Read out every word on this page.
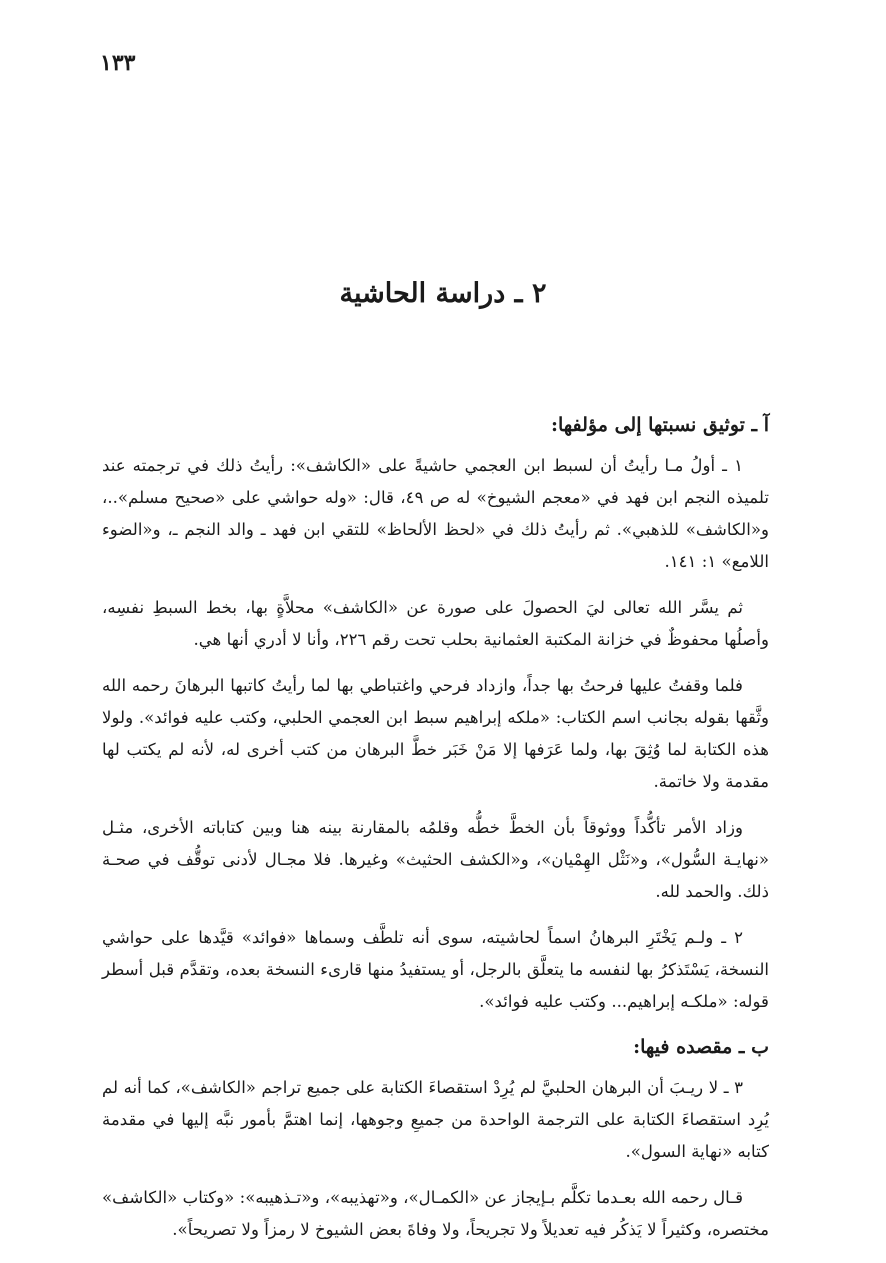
١٣٣
٢ ـ دراسة الحاشية
آ ـ توثيق نسبتها إلى مؤلفها:

١ ـ أولُ مـا رأيتُ أن لسبط ابن العجمي حاشيةً على «الكاشف»: رأيتُ ذلك في ترجمته عند تلميذه النجم ابن فهد في «معجم الشيوخ» له ص ٤٩، قال: «وله حواشي على «صحيح مسلم»..، و«الكاشف» للذهبي». ثم رأيتُ ذلك في «لحظ الألحاظ» للتقي ابن فهد ـ والد النجم ـ، و«الضوء اللامع» ١: ١٤١.

ثم يسَّر الله تعالى ليَ الحصولَ على صورة عن «الكاشف» محلاَّةٍ بها، بخط السبطِ نفسِه، وأصلُها محفوظٌ في خزانة المكتبة العثمانية بحلب تحت رقم ٢٢٦، وأنا لا أدري أنها هي.

فلما وقفتُ عليها فرحتُ بها جداً، وازداد فرحي واغتباطي بها لما رأيتُ كاتبها البرهانَ رحمه الله وثَّقها بقوله بجانب اسم الكتاب: «ملكه إبراهيم سبط ابن العجمي الحلبي، وكتب عليه فوائد». ولولا هذه الكتابة لما وُثِقَ بها، ولما عَرَفها إلا مَنْ خَبَر خطَّ البرهان من كتب أخرى له، لأنه لم يكتب لها مقدمة ولا خاتمة.

وزاد الأمر تأكُّداً ووثوقاً بأن الخطَّ خطُّه وقلمُه بالمقارنة بينه هنا وبين كتاباته الأخرى، مثـل «نهايـة السُّول»، و«نَثْل الهِمْيان»، و«الكشف الحثيث» وغيرها. فلا مجـال لأدنى توقُّف في صحـة ذلك. والحمد لله.

٢ ـ ولـم يَخْتَرِ البرهانُ اسماً لحاشيته، سوى أنه تلطَّف وسماها «فوائد» قيَّدها على حواشي النسخة، يَسْتَذكرُ بها لنفسه ما يتعلَّق بالرجل، أو يستفيدُ منها قارىء النسخة بعده، وتقدَّم قبل أسطر قوله: «ملكـه إبراهيم... وكتب عليه فوائد».

ب ـ مقصده فيها:

٣ ـ لا ريـبَ أن البرهان الحلبيَّ لم يُرِدْ استقصاءَ الكتابة على جميع تراجم «الكاشف»، كما أنه لم يُرِد استقصاءَ الكتابة على الترجمة الواحدة من جميعِ وجوهها، إنما اهتمَّ بأمور نبَّه إليها في مقدمة كتابه «نهاية السول».

قـال رحمه الله بعـدما تكلَّم بـإيجاز عن «الكمـال»، و«تهذيبه»، و«تـذهيبه»: «وكتاب «الكاشف» مختصره، وكثيراً لا يَذكُر فيه تعديلاً ولا تجريحاً، ولا وفاةَ بعض الشيوخ لا رمزاً ولا تصريحاً».
